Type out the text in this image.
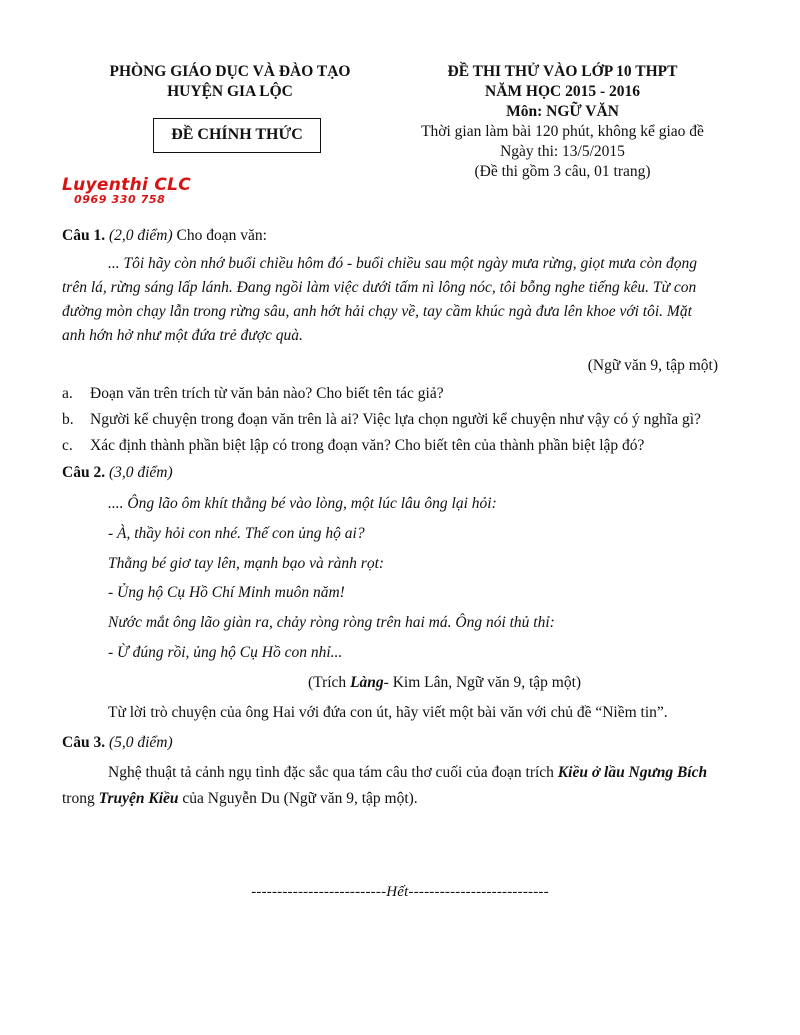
PHÒNG GIÁO DỤC VÀ ĐÀO TẠO
HUYỆN GIA LỘC
ĐỀ CHÍNH THỨC
ĐỀ THI THỬ VÀO LỚP 10 THPT
NĂM HỌC 2015 - 2016
Môn: NGỮ VĂN
Thời gian làm bài 120 phút, không kể giao đề
Ngày thi: 13/5/2015
(Đề thi gồm 3 câu, 01 trang)
Luyenthi CLC
0969 330 758
Câu 1. (2,0 điểm) Cho đoạn văn:
... Tôi hãy còn nhớ buổi chiều hôm đó - buổi chiều sau một ngày mưa rừng, giọt mưa còn đọng
trên lá, rừng sáng lấp lánh. Đang ngồi làm việc dưới tấm nì lông nóc, tôi bỗng nghe tiếng kêu. Từ con
đường mòn chạy lẫn trong rừng sâu, anh hớt hải chạy về, tay cầm khúc ngà đưa lên khoe với tôi. Mặt
anh hớn hở như một đứa trẻ được quà.
(Ngữ văn 9, tập một)
a. Đoạn văn trên trích từ văn bản nào? Cho biết tên tác giả?
b. Người kể chuyện trong đoạn văn trên là ai? Việc lựa chọn người kể chuyện như vậy có ý nghĩa gì?
c. Xác định thành phần biệt lập có trong đoạn văn? Cho biết tên của thành phần biệt lập đó?
Câu 2. (3,0 điểm)
.... Ông lão ôm khít thằng bé vào lòng, một lúc lâu ông lại hỏi:
- À, thầy hỏi con nhé. Thế con ủng hộ ai?
Thằng bé giơ tay lên, mạnh bạo và rành rọt:
- Ủng hộ Cụ Hồ Chí Minh muôn năm!
Nước mắt ông lão giàn ra, chảy ròng ròng trên hai má. Ông nói thủ thỉ:
- Ừ đúng rồi, ủng hộ Cụ Hồ con nhỉ...
(Trích Làng- Kim Lân, Ngữ văn 9, tập một)
Từ lời trò chuyện của ông Hai với đứa con út, hãy viết một bài văn với chủ đề “Niềm tin”.
Câu 3. (5,0 điểm)
Nghệ thuật tả cảnh ngụ tình đặc sắc qua tám câu thơ cuối của đoạn trích Kiều ở lầu Ngưng Bích
trong Truyện Kiều của Nguyễn Du (Ngữ văn 9, tập một).
--------------------------Hết---------------------------
